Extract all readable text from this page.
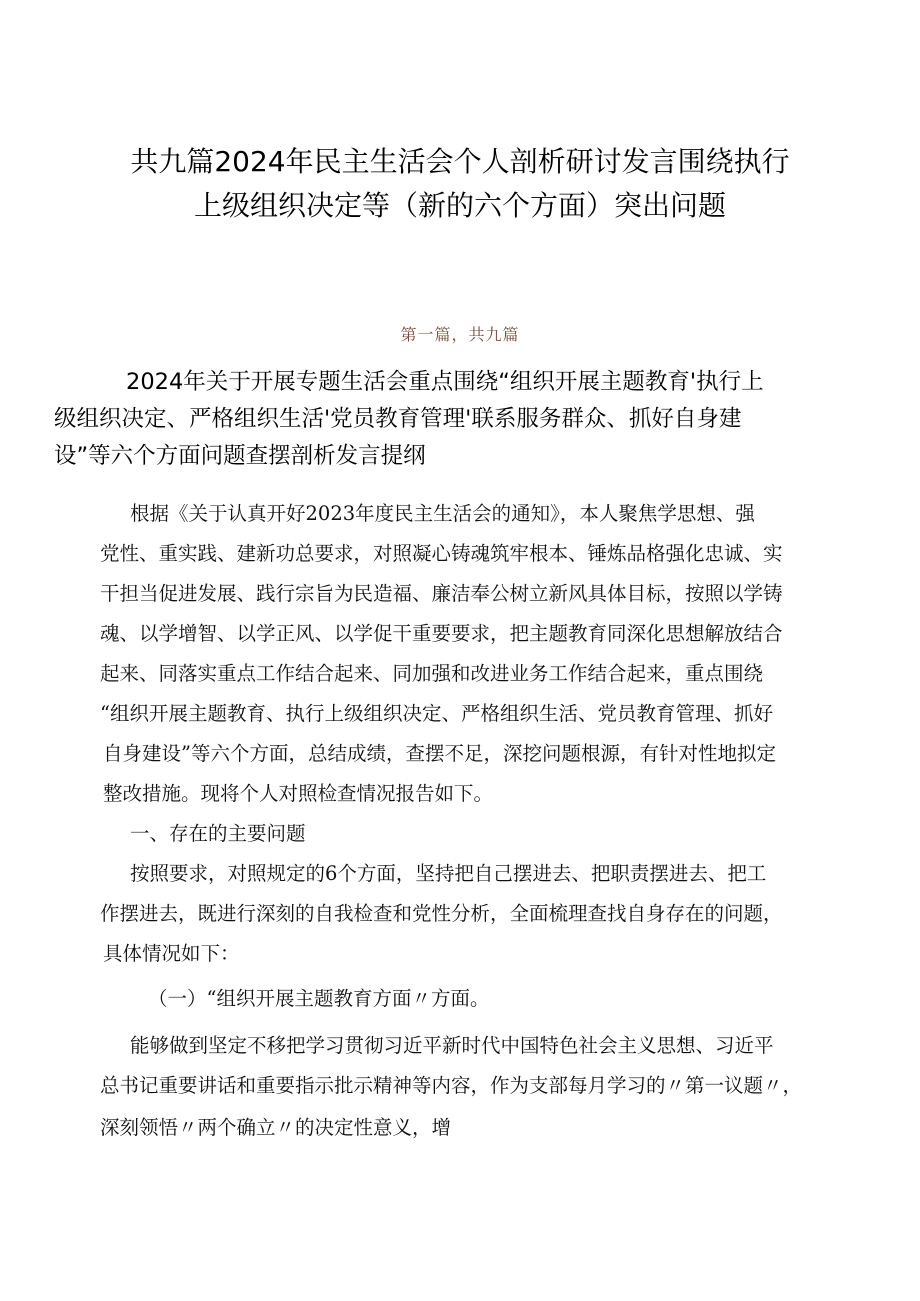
共九篇2024年民主生活会个人剖析研讨发言围绕执行
上级组织决定等（新的六个方面）突出问题
第一篇，共九篇
2024年关于开展专题生活会重点围绕“组织开展主题教育'执行上
级组织决定、严格组织生活'党员教育管理'联系服务群众、抓好自身建
设”等六个方面问题查摆剖析发言提纲
根据《关于认真开好2023年度民主生活会的通知》，本人聚焦学思想、强
党性、重实践、建新功总要求，对照凝心铸魂筑牢根本、锤炼品格强化忠诚、实
干担当促进发展、践行宗旨为民造福、廉洁奉公树立新风具体目标，按照以学铸
魂、以学增智、以学正风、以学促干重要要求，把主题教育同深化思想解放结合
起来、同落实重点工作结合起来、同加强和改进业务工作结合起来，重点围绕
“组织开展主题教育、执行上级组织决定、严格组织生活、党员教育管理、抓好
自身建设”等六个方面，总结成绩，查摆不足，深挖问题根源，有针对性地拟定
整改措施。现将个人对照检查情况报告如下。
一、存在的主要问题
按照要求，对照规定的6个方面，坚持把自己摆进去、把职责摆进去、把工
作摆进去，既进行深刻的自我检查和党性分析，全面梳理查找自身存在的问题，
具体情况如下：
（一）“组织开展主题教育方面〃方面。
能够做到坚定不移把学习贯彻习近平新时代中国特色社会主义思想、习近平
总书记重要讲话和重要指示批示精神等内容，作为支部每月学习的〃第一议题〃，
深刻领悟〃两个确立〃的决定性意义，增
